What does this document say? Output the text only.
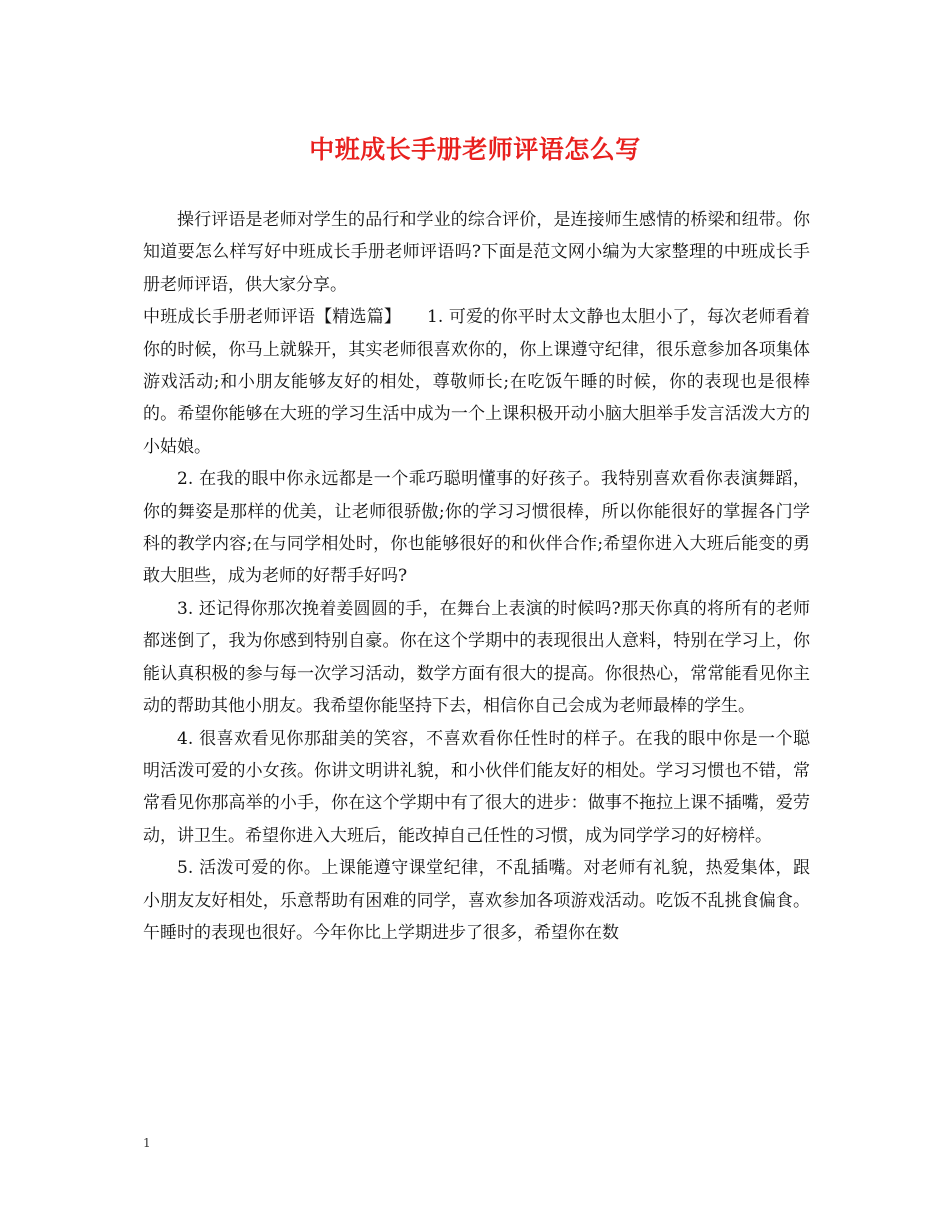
中班成长手册老师评语怎么写

操行评语是老师对学生的品行和学业的综合评价，是连接师生感情的桥梁和纽带。你知道要怎么样写好中班成长手册老师评语吗?下面是范文网小编为大家整理的中班成长手册老师评语，供大家分享。

中班成长手册老师评语【精选篇】　　1. 可爱的你平时太文静也太胆小了，每次老师看着你的时候，你马上就躲开，其实老师很喜欢你的，你上课遵守纪律，很乐意参加各项集体游戏活动;和小朋友能够友好的相处，尊敬师长;在吃饭午睡的时候，你的表现也是很棒的。希望你能够在大班的学习生活中成为一个上课积极开动小脑大胆举手发言活泼大方的小姑娘。

2. 在我的眼中你永远都是一个乖巧聪明懂事的好孩子。我特别喜欢看你表演舞蹈，你的舞姿是那样的优美，让老师很骄傲;你的学习习惯很棒，所以你能很好的掌握各门学科的教学内容;在与同学相处时，你也能够很好的和伙伴合作;希望你进入大班后能变的勇敢大胆些，成为老师的好帮手好吗?

3. 还记得你那次挽着姜圆圆的手，在舞台上表演的时候吗?那天你真的将所有的老师都迷倒了，我为你感到特别自豪。你在这个学期中的表现很出人意料，特别在学习上，你能认真积极的参与每一次学习活动，数学方面有很大的提高。你很热心，常常能看见你主动的帮助其他小朋友。我希望你能坚持下去，相信你自己会成为老师最棒的学生。

4. 很喜欢看见你那甜美的笑容，不喜欢看你任性时的样子。在我的眼中你是一个聪明活泼可爱的小女孩。你讲文明讲礼貌，和小伙伴们能友好的相处。学习习惯也不错，常常看见你那高举的小手，你在这个学期中有了很大的进步：做事不拖拉上课不插嘴，爱劳动，讲卫生。希望你进入大班后，能改掉自己任性的习惯，成为同学学习的好榜样。

5. 活泼可爱的你。上课能遵守课堂纪律，不乱插嘴。对老师有礼貌，热爱集体，跟小朋友友好相处，乐意帮助有困难的同学，喜欢参加各项游戏活动。吃饭不乱挑食偏食。午睡时的表现也很好。今年你比上学期进步了很多，希望你在数

1
